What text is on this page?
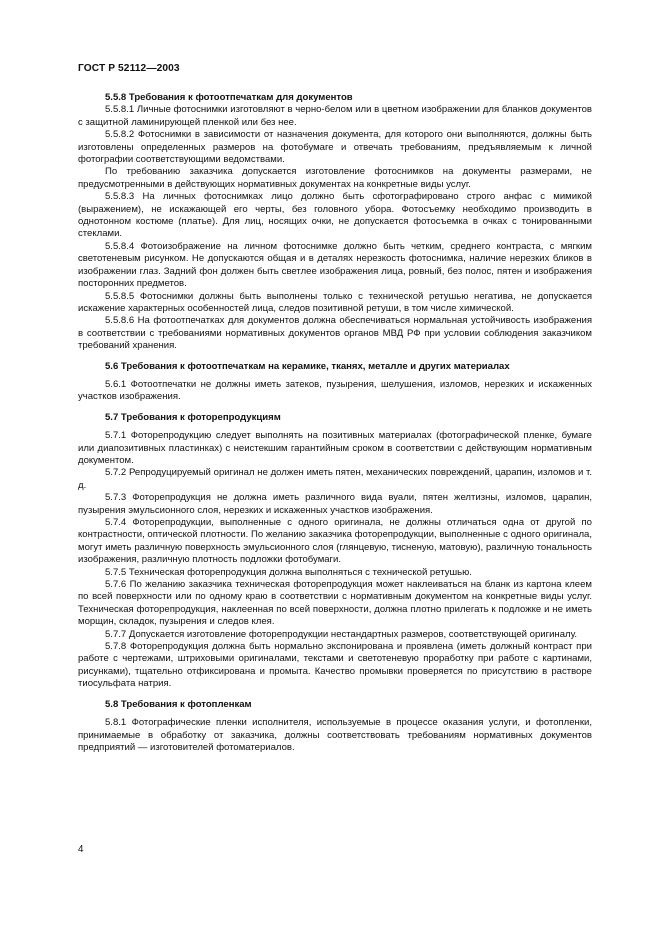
ГОСТ Р 52112—2003
5.5.8 Требования к фотоотпечаткам для документов

5.5.8.1 Личные фотоснимки изготовляют в черно-белом или в цветном изображении для бланков документов с защитной ламинирующей пленкой или без нее.

5.5.8.2 Фотоснимки в зависимости от назначения документа, для которого они выполняются, должны быть изготовлены определенных размеров на фотобумаге и отвечать требованиям, предъявляемым к личной фотографии соответствующими ведомствами.

По требованию заказчика допускается изготовление фотоснимков на документы размерами, не предусмотренными в действующих нормативных документах на конкретные виды услуг.

5.5.8.3 На личных фотоснимках лицо должно быть сфотографировано строго анфас с мимикой (выражением), не искажающей его черты, без головного убора. Фотосъемку необходимо производить в однотонном костюме (платье). Для лиц, носящих очки, не допускается фотосъемка в очках с тонированными стеклами.

5.5.8.4 Фотоизображение на личном фотоснимке должно быть четким, среднего контраста, с мягким светотеневым рисунком. Не допускаются общая и в деталях нерезкость фотоснимка, наличие нерезких бликов в изображении глаз. Задний фон должен быть светлее изображения лица, ровный, без полос, пятен и изображения посторонних предметов.

5.5.8.5 Фотоснимки должны быть выполнены только с технической ретушью негатива, не допускается искажение характерных особенностей лица, следов позитивной ретуши, в том числе химической.

5.5.8.6 На фотоотпечатках для документов должна обеспечиваться нормальная устойчивость изображения в соответствии с требованиями нормативных документов органов МВД РФ при условии соблюдения заказчиком требований хранения.

5.6 Требования к фотоотпечаткам на керамике, тканях, металле и других материалах

5.6.1 Фотоотпечатки не должны иметь затеков, пузырения, шелушения, изломов, нерезких и искаженных участков изображения.

5.7 Требования к фоторепродукциям

5.7.1 Фоторепродукцию следует выполнять на позитивных материалах (фотографической пленке, бумаге или диапозитивных пластинках) с неистекшим гарантийным сроком в соответствии с действующим нормативным документом.

5.7.2 Репродуцируемый оригинал не должен иметь пятен, механических повреждений, царапин, изломов и т. д.

5.7.3 Фоторепродукция не должна иметь различного вида вуали, пятен желтизны, изломов, царапин, пузырения эмульсионного слоя, нерезких и искаженных участков изображения.

5.7.4 Фоторепродукции, выполненные с одного оригинала, не должны отличаться одна от другой по контрастности, оптической плотности. По желанию заказчика фоторепродукции, выполненные с одного оригинала, могут иметь различную поверхность эмульсионного слоя (глянцевую, тисненую, матовую), различную тональность изображения, различную плотность подложки фотобумаги.

5.7.5 Техническая фоторепродукция должна выполняться с технической ретушью.

5.7.6 По желанию заказчика техническая фоторепродукция может наклеиваться на бланк из картона клеем по всей поверхности или по одному краю в соответствии с нормативным документом на конкретные виды услуг. Техническая фоторепродукция, наклеенная по всей поверхности, должна плотно прилегать к подложке и не иметь морщин, складок, пузырения и следов клея.

5.7.7 Допускается изготовление фоторепродукции нестандартных размеров, соответствующей оригиналу.

5.7.8 Фоторепродукция должна быть нормально экспонирована и проявлена (иметь должный контраст при работе с чертежами, штриховыми оригиналами, текстами и светотеневую проработку при работе с картинами, рисунками), тщательно отфиксирована и промыта. Качество промывки проверяется по присутствию в растворе тиосульфата натрия.

5.8 Требования к фотопленкам

5.8.1 Фотографические пленки исполнителя, используемые в процессе оказания услуги, и фотопленки, принимаемые в обработку от заказчика, должны соответствовать требованиям нормативных документов предприятий — изготовителей фотоматериалов.

4
